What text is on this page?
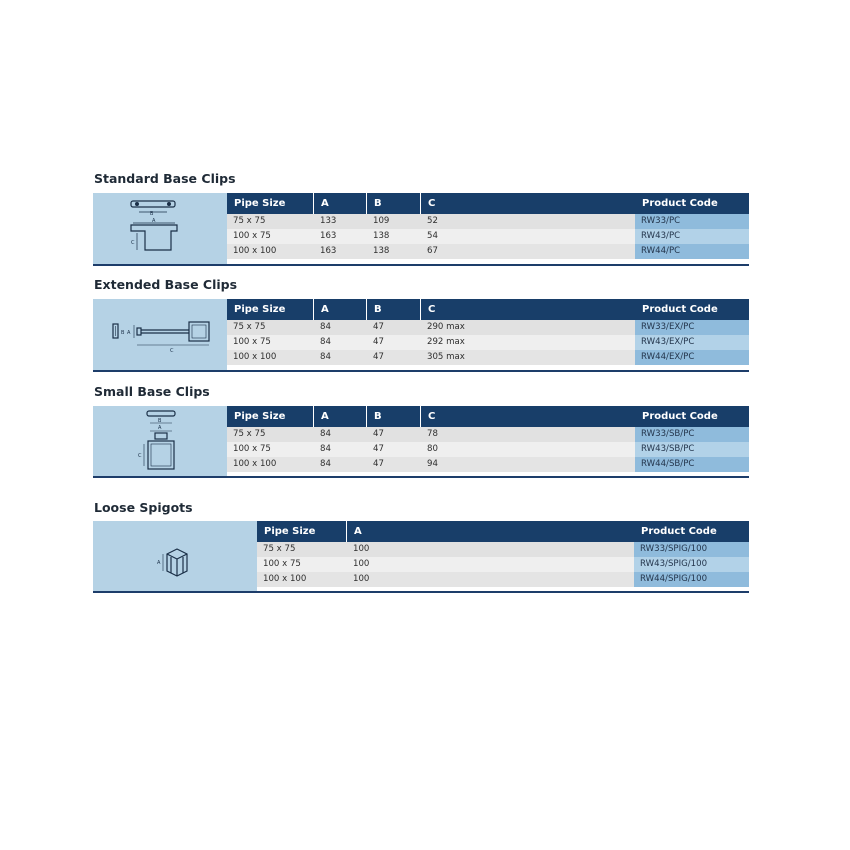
Standard Base Clips
B
A
C
Pipe Size	A	B	C	Product Code
75 x 75	133	109	52	RW33/PC
100 x 75	163	138	54	RW43/PC
100 x 100	163	138	67	RW44/PC
Extended Base Clips
B A
C
Pipe Size	A	B	C	Product Code
75 x 75	84	47	290 max	RW33/EX/PC
100 x 75	84	47	292 max	RW43/EX/PC
100 x 100	84	47	305 max	RW44/EX/PC
Small Base Clips
B
A
C
Pipe Size	A	B	C	Product Code
75 x 75	84	47	78	RW33/SB/PC
100 x 75	84	47	80	RW43/SB/PC
100 x 100	84	47	94	RW44/SB/PC
Loose Spigots
A
Pipe Size	A	Product Code
75 x 75	100	RW33/SPIG/100
100 x 75	100	RW43/SPIG/100
100 x 100	100	RW44/SPIG/100
